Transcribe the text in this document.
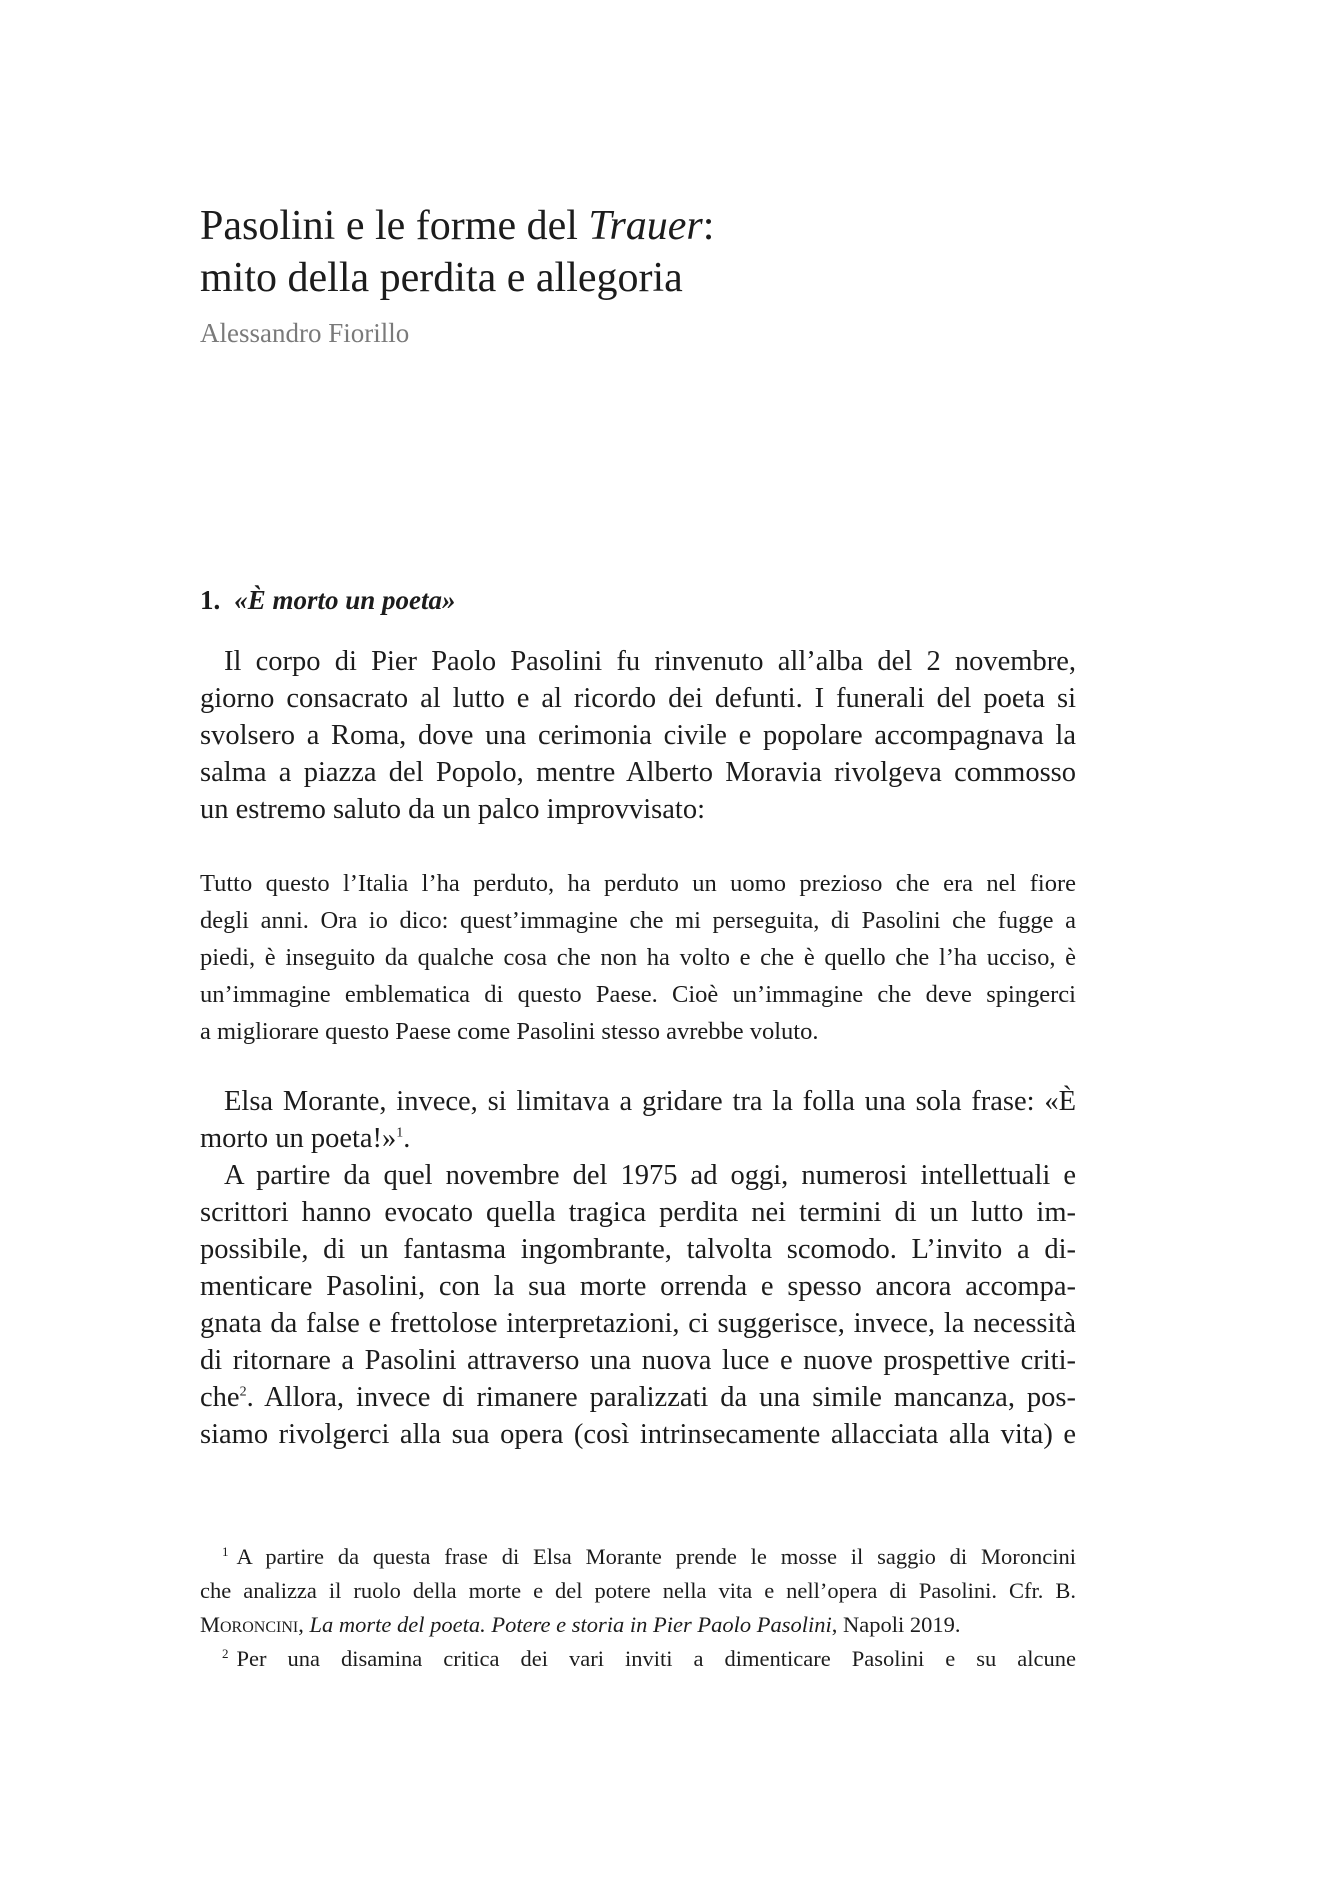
Pasolini e le forme del Trauer:
mito della perdita e allegoria

Alessandro Fiorillo

1. «È morto un poeta»
Il corpo di Pier Paolo Pasolini fu rinvenuto all’alba del 2 novembre,
giorno consacrato al lutto e al ricordo dei defunti. I funerali del poeta si
svolsero a Roma, dove una cerimonia civile e popolare accompagnava la
salma a piazza del Popolo, mentre Alberto Moravia rivolgeva commosso
un estremo saluto da un palco improvvisato:
Tutto questo l’Italia l’ha perduto, ha perduto un uomo prezioso che era nel fiore
degli anni. Ora io dico: quest’immagine che mi perseguita, di Pasolini che fugge a
piedi, è inseguito da qualche cosa che non ha volto e che è quello che l’ha ucciso, è
un’immagine emblematica di questo Paese. Cioè un’immagine che deve spingerci
a migliorare questo Paese come Pasolini stesso avrebbe voluto.
Elsa Morante, invece, si limitava a gridare tra la folla una sola frase: «È
morto un poeta!»$^1$.
A partire da quel novembre del 1975 ad oggi, numerosi intellettuali e
scrittori hanno evocato quella tragica perdita nei termini di un lutto im-
possibile, di un fantasma ingombrante, talvolta scomodo. L’invito a di-
menticare Pasolini, con la sua morte orrenda e spesso ancora accompa-
gnata da false e frettolose interpretazioni, ci suggerisce, invece, la necessità
di ritornare a Pasolini attraverso una nuova luce e nuove prospettive criti-
che$^2$. Allora, invece di rimanere paralizzati da una simile mancanza, pos-
siamo rivolgerci alla sua opera (così intrinsecamente allacciata alla vita) e
$^1$ A partire da questa frase di Elsa Morante prende le mosse il saggio di Moroncini
che analizza il ruolo della morte e del potere nella vita e nell’opera di Pasolini. Cfr. B.
Moroncini, La morte del poeta. Potere e storia in Pier Paolo Pasolini, Napoli 2019.
$^2$ Per una disamina critica dei vari inviti a dimenticare Pasolini e su alcune
